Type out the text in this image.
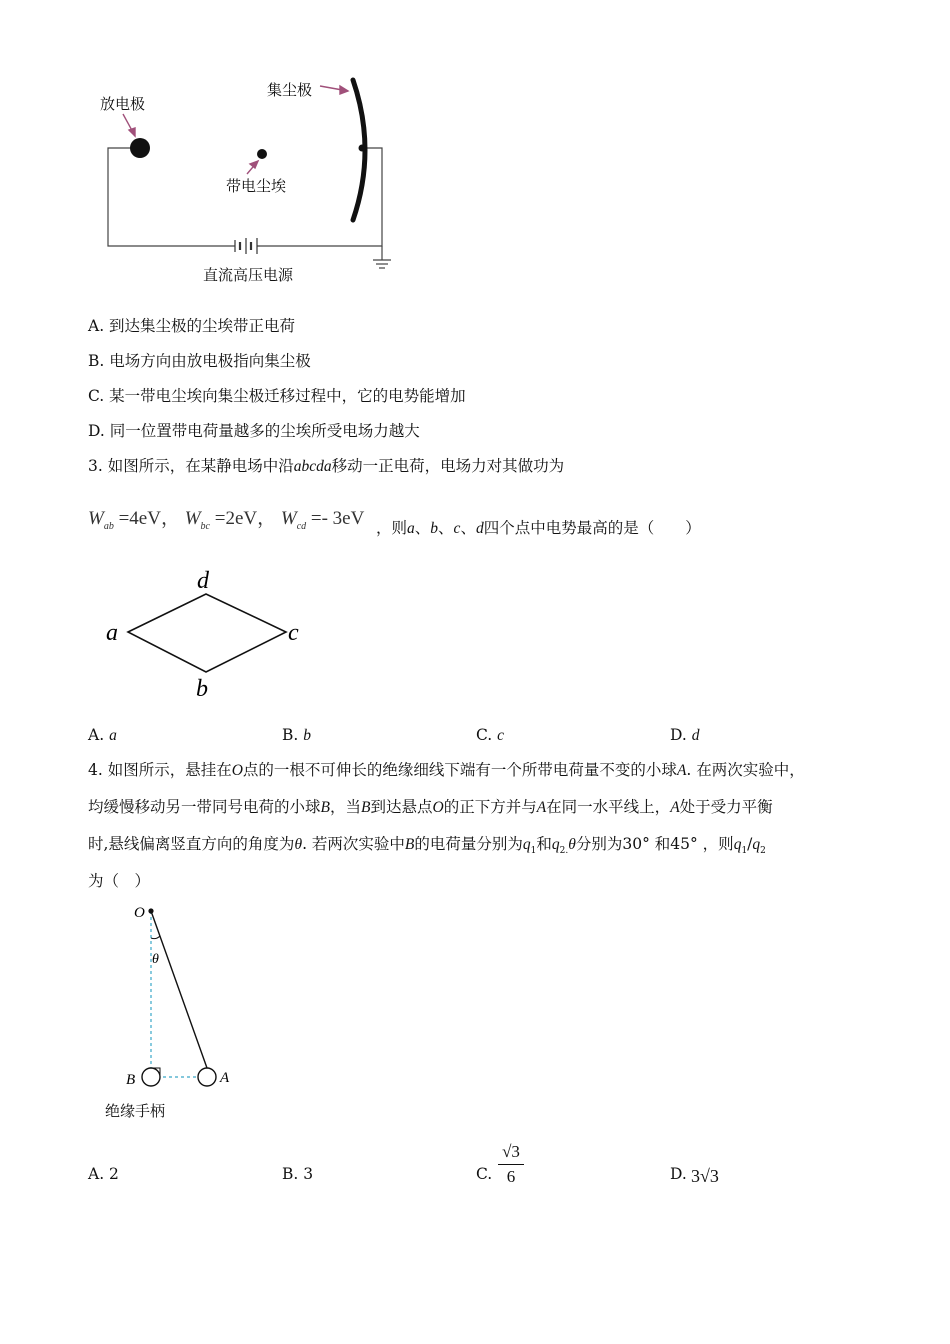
放电极
集尘极
带电尘埃
直流高压电源
A. 到达集尘极的尘埃带正电荷
B. 电场方向由放电极指向集尘极
C. 某一带电尘埃向集尘极迁移过程中，它的电势能增加
D. 同一位置带电荷量越多的尘埃所受电场力越大
3. 如图所示，在某静电场中沿abcda移动一正电荷，电场力对其做功为
$W_{ab} =4eV$， $W_{bc} =2eV$， $W_{cd} =- 3eV$ ，则a、b、c、d四个点中电势最高的是（　　）
d
a	c
b
A. a	B. b	C. c	D. d
4. 如图所示，悬挂在O点的一根不可伸长的绝缘细线下端有一个所带电荷量不变的小球A. 在两次实验中，
均缓慢移动另一带同号电荷的小球B，当B到达悬点O的正下方并与A在同一水平线上，A处于受力平衡
时,悬线偏离竖直方向的角度为θ. 若两次实验中B的电荷量分别为$q_1$和$q_{2.}\theta$分别为30° 和45° ，则$q_1/q_2$
为（　）
O
θ
A
B
绝缘手柄
A. 2	B. 3	C. $\frac{√3}{6}$	D. 3√3
